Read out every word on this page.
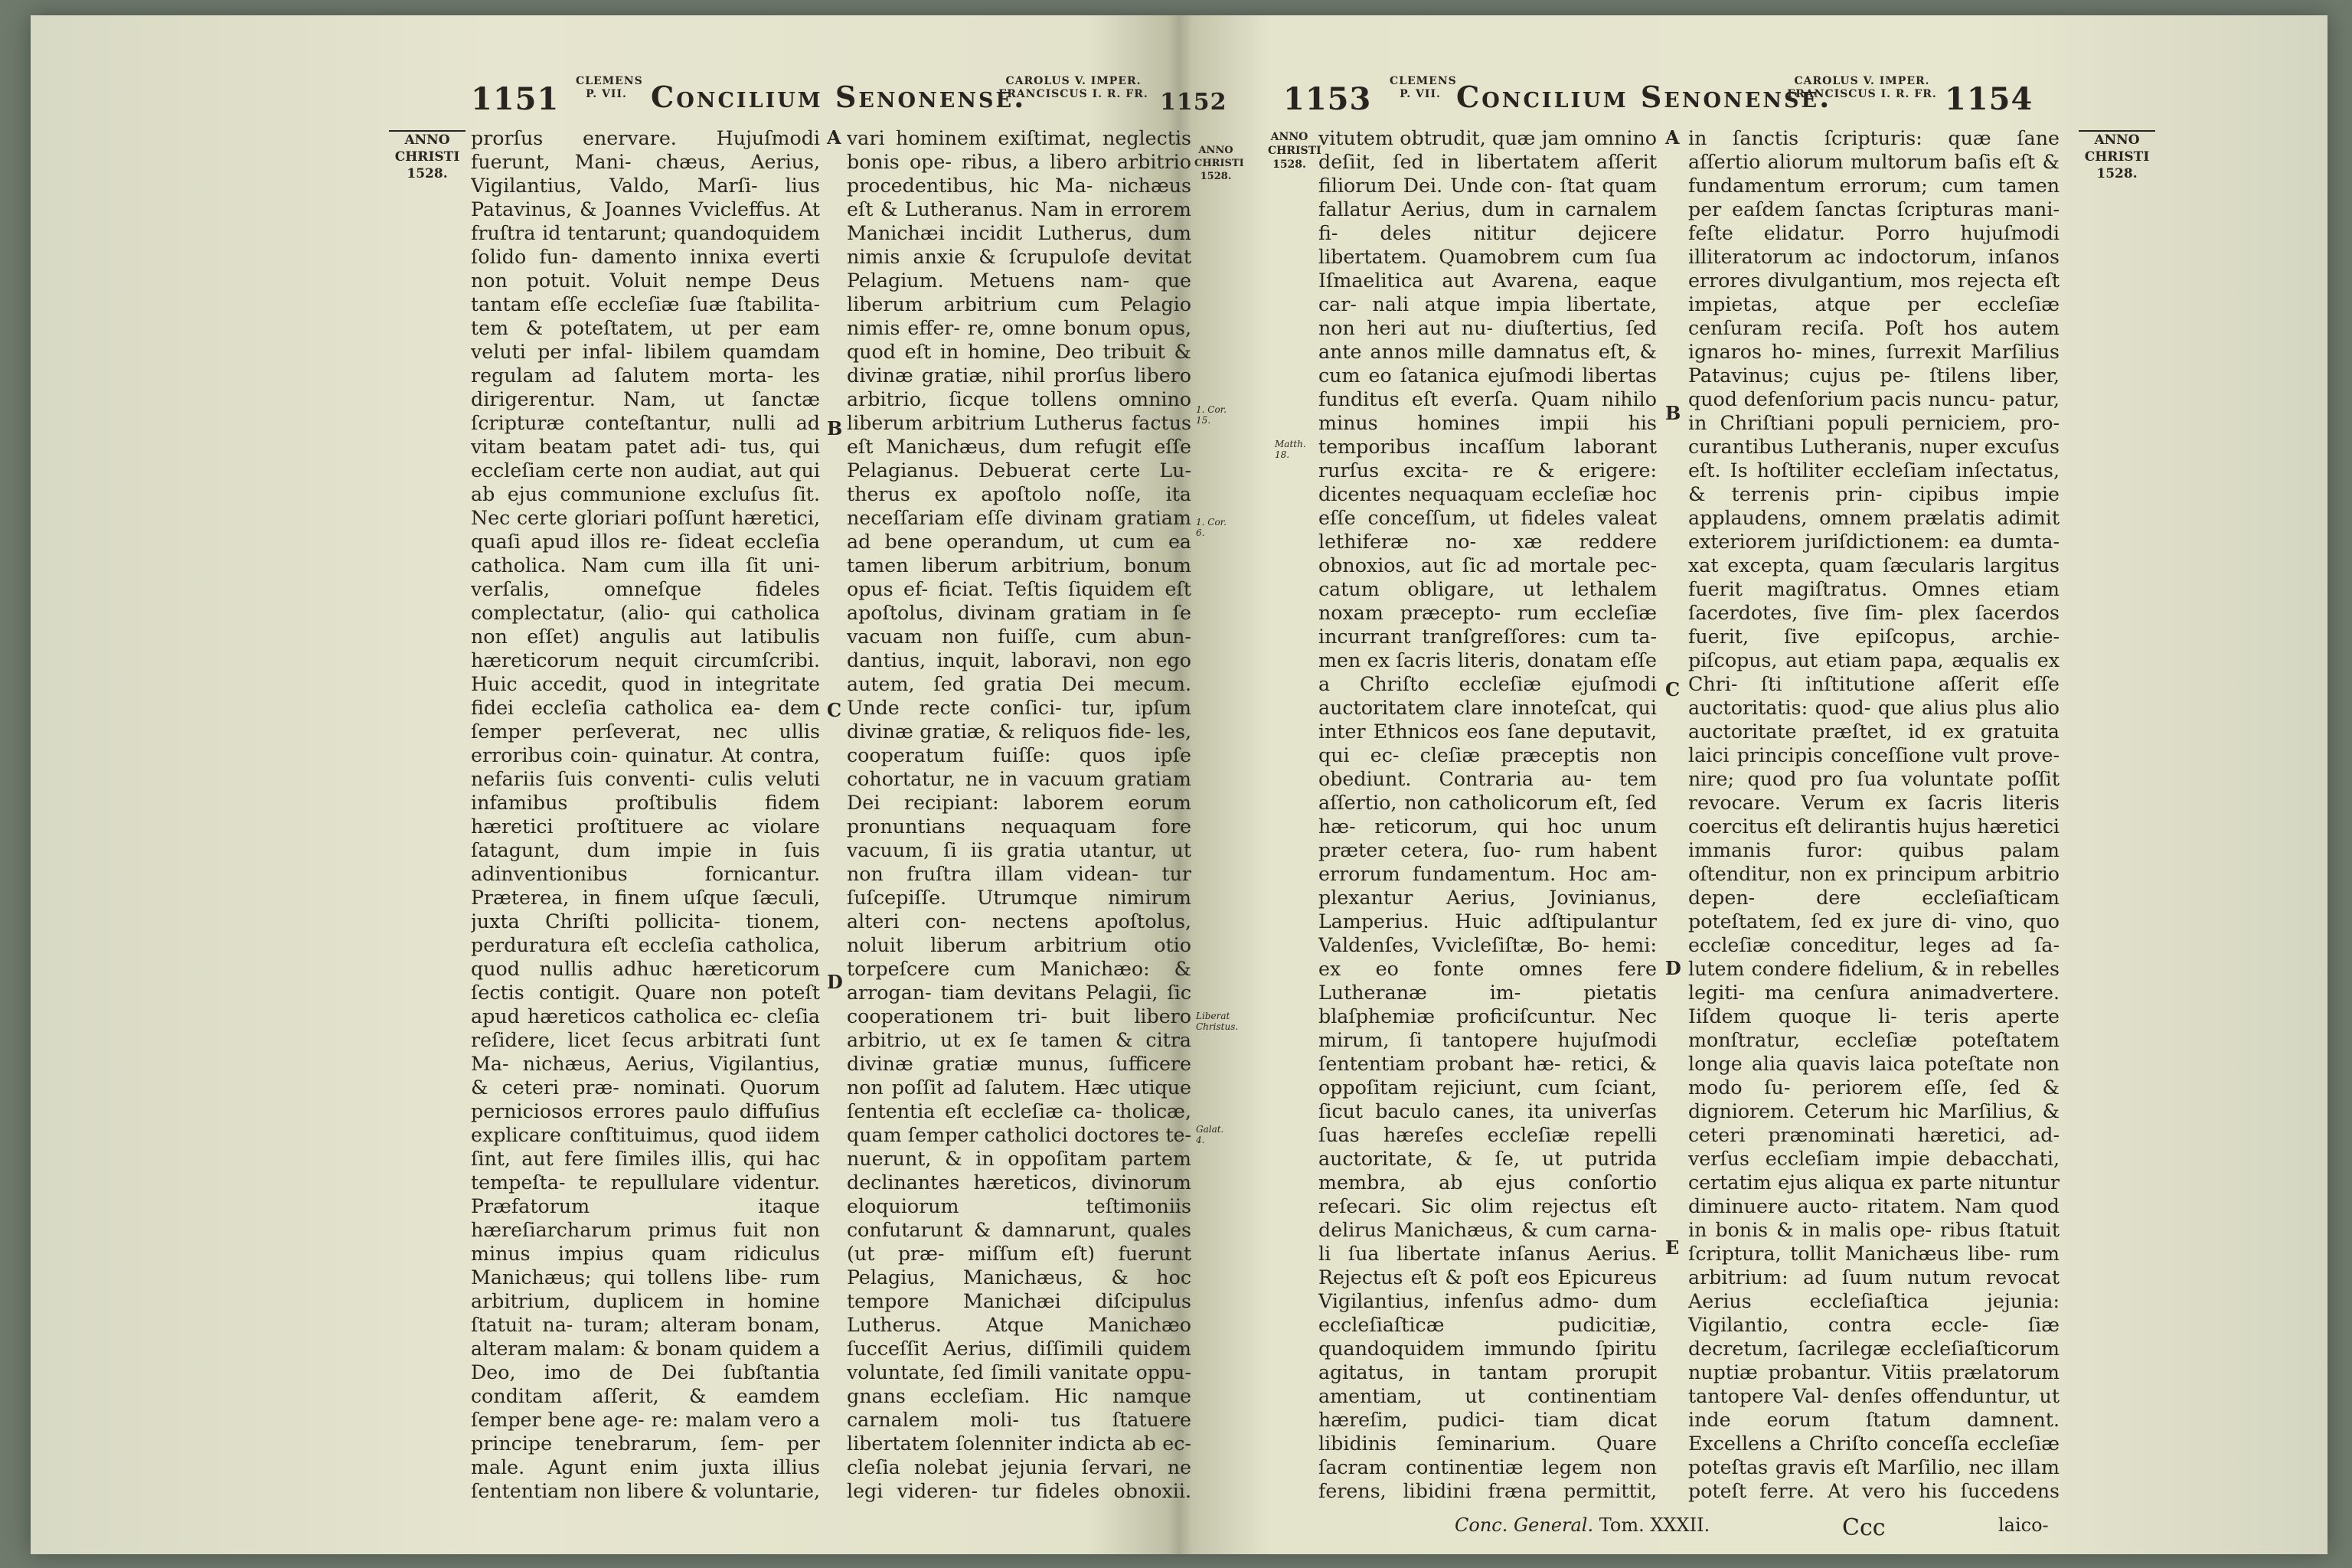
1151 CLEMENS
P. VII. Concilium Senonense.
CAROLUS V. IMPER.
FRANCISCUS I. R. FR. 1152
ANNO
CHRISTI
1528.
ANNO
CHRISTI
1528.
prorſus enervare. Hujuſmodi fuerunt, Mani- chæus, Aerius, Vigilantius, Valdo, Marſi- lius Patavinus, & Joannes Vvicleffus. At fruſtra id tentarunt; quandoquidem ſolido fun- damento innixa everti non potuit. Voluit nempe Deus tantam eſſe eccleſiæ ſuæ ſtabilita- tem & poteſtatem, ut per eam veluti per infal- libilem quamdam regulam ad ſalutem morta- les dirigerentur. Nam, ut ſanctæ ſcripturæ conteſtantur, nulli ad vitam beatam patet adi- tus, qui eccleſiam certe non audiat, aut qui ab ejus communione excluſus ſit. Nec certe gloriari poſſunt hæretici, quaſi apud illos re- ſideat eccleſia catholica. Nam cum illa ſit uni- verſalis, omneſque fideles complectatur, (alio- qui catholica non eſſet) angulis aut latibulis hæreticorum nequit circumſcribi. Huic accedit, quod in integritate fidei eccleſia catholica ea- dem ſemper perſeverat, nec ullis erroribus coin- quinatur. At contra, nefariis ſuis conventi- culis veluti infamibus proſtibulis fidem hæretici proſtituere ac violare ſatagunt, dum impie in ſuis adinventionibus fornicantur. Præterea, in finem uſque ſæculi, juxta Chriſti pollicita- tionem, perduratura eſt eccleſia catholica, quod nullis adhuc hæreticorum ſectis contigit. Quare non poteſt apud hæreticos catholica ec- cleſia reſidere, licet ſecus arbitrati ſunt Ma- nichæus, Aerius, Vigilantius, & ceteri præ- nominati. Quorum perniciosos errores paulo diffuſius explicare conſtituimus, quod iidem ſint, aut fere ſimiles illis, qui hac tempeſta- te repullulare videntur. Præfatorum itaque hæreſiarcharum primus fuit non minus impius quam ridiculus Manichæus; qui tollens libe- rum arbitrium, duplicem in homine ſtatuit na- turam; alteram bonam, alteram malam: & bonam quidem a Deo, imo de Dei ſubſtantia conditam aſſerit, & eamdem ſemper bene age- re: malam vero a principe tenebrarum, ſem- per male. Agunt enim juxta illius ſententiam non libere & voluntarie,
vari hominem exiſtimat, neglectis bonis ope- ribus, a libero arbitrio procedentibus, hic Ma- nichæus eſt & Lutheranus. Nam in errorem Manichæi incidit Lutherus, dum nimis anxie & ſcrupuloſe devitat Pelagium. Metuens nam- que liberum arbitrium cum Pelagio nimis effer- re, omne bonum opus, quod eſt in homine, Deo tribuit & divinæ gratiæ, nihil prorſus libero arbitrio, ſicque tollens omnino liberum arbitrium Lutherus factus eſt Manichæus, dum refugit eſſe Pelagianus. Debuerat certe Lu- therus ex apoſtolo noſſe, ita neceſſariam eſſe divinam gratiam ad bene operandum, ut cum ea tamen liberum arbitrium, bonum opus ef- ficiat. Teſtis ſiquidem eſt apoſtolus, divinam gratiam in ſe vacuam non fuiſſe, cum abun- dantius, inquit, laboravi, non ego autem, ſed gratia Dei mecum. Unde recte conſici- tur, ipſum divinæ gratiæ, & reliquos fide- les, cooperatum fuiſſe: quos ipſe cohortatur, ne in vacuum gratiam Dei recipiant: laborem eorum pronuntians nequaquam fore vacuum, ſi iis gratia utantur, ut non fruſtra illam videan- tur ſuſcepiſſe. Utrumque nimirum alteri con- nectens apoſtolus, noluit liberum arbitrium otio torpeſcere cum Manichæo: & arrogan- tiam devitans Pelagii, ſic cooperationem tri- buit libero arbitrio, ut ex ſe tamen & citra divinæ gratiæ munus, ſufficere non poſſit ad ſalutem. Hæc utique ſententia eſt eccleſiæ ca- tholicæ, quam ſemper catholici doctores te- nuerunt, & in oppoſitam partem declinantes hæreticos, divinorum eloquiorum teſtimoniis confutarunt & damnarunt, quales (ut præ- miſſum eſt) fuerunt Pelagius, Manichæus, & hoc tempore Manichæi diſcipulus Lutherus. Atque Manichæo ſucceſſit Aerius, diſſimili quidem voluntate, ſed ſimili vanitate oppu- gnans eccleſiam. Hic namque carnalem moli- tus ſtatuere libertatem ſolenniter indicta ab ec- cleſia nolebat jejunia ſervari, ne legi videren- tur fideles obnoxii.
A
B
C
D
1. Cor. 15.
1. Cor. 6.
Liberat Christus.
Galat. 4.
1153 CLEMENS
P. VII. Concilium Senonense.
CAROLUS V. IMPER.
FRANCISCUS I. R. FR. 1154
ANNO
CHRISTI
1528.
ANNO
CHRISTI
1528.
vitutem obtrudit, quæ jam omnino deſiit, ſed in libertatem aſſerit filiorum Dei. Unde con- ſtat quam fallatur Aerius, dum in carnalem fi- deles nititur dejicere libertatem. Quamobrem cum ſua Iſmaelitica aut Avarena, eaque car- nali atque impia libertate, non heri aut nu- diuſtertius, ſed ante annos mille damnatus eſt, & cum eo ſatanica ejuſmodi libertas funditus eſt everſa. Quam nihilo minus homines impii his temporibus incaſſum laborant rurſus excita- re & erigere: dicentes nequaquam eccleſiæ hoc eſſe conceſſum, ut fideles valeat lethiferæ no- xæ reddere obnoxios, aut ſic ad mortale pec- catum obligare, ut lethalem noxam præcepto- rum eccleſiæ incurrant tranſgreſſores: cum ta- men ex ſacris literis, donatam eſſe a Chriſto eccleſiæ ejuſmodi auctoritatem clare innoteſcat, qui inter Ethnicos eos ſane deputavit, qui ec- cleſiæ præceptis non obediunt. Contraria au- tem aſſertio, non catholicorum eſt, ſed hæ- reticorum, qui hoc unum præter cetera, ſuo- rum habent errorum fundamentum. Hoc am- plexantur Aerius, Jovinianus, Lamperius. Huic adſtipulantur Valdenſes, Vvicleſiſtæ, Bo- hemi: ex eo fonte omnes fere Lutheranæ im- pietatis blaſphemiæ proficiſcuntur. Nec mirum, ſi tantopere hujuſmodi ſententiam probant hæ- retici, & oppoſitam rejiciunt, cum ſciant, ſicut baculo canes, ita univerſas ſuas hæreſes eccleſiæ repelli auctoritate, & ſe, ut putrida membra, ab ejus conſortio reſecari. Sic olim rejectus eſt delirus Manichæus, & cum carna- li ſua libertate inſanus Aerius. Rejectus eſt & poſt eos Epicureus Vigilantius, infenſus admo- dum eccleſiaſticæ pudicitiæ, quandoquidem immundo ſpiritu agitatus, in tantam prorupit amentiam, ut continentiam hæreſim, pudici- tiam dicat libidinis ſeminarium. Quare ſacram continentiæ legem non ferens, libidini fræna permittit,
in ſanctis ſcripturis: quæ ſane aſſertio aliorum multorum baſis eſt & fundamentum errorum; cum tamen per eaſdem ſanctas ſcripturas mani- feſte elidatur. Porro hujuſmodi illiteratorum ac indoctorum, inſanos errores divulgantium, mos rejecta eſt impietas, atque per eccleſiæ cenſuram reciſa. Poſt hos autem ignaros ho- mines, ſurrexit Marſilius Patavinus; cujus pe- ſtilens liber, quod defenſorium pacis nuncu- patur, in Chriſtiani populi perniciem, pro- curantibus Lutheranis, nuper excuſus eſt. Is hoſtiliter eccleſiam inſectatus, & terrenis prin- cipibus impie applaudens, omnem prælatis adimit exteriorem juriſdictionem: ea dumta- xat excepta, quam ſæcularis largitus fuerit magiſtratus. Omnes etiam ſacerdotes, ſive ſim- plex ſacerdos fuerit, ſive epiſcopus, archie- piſcopus, aut etiam papa, æqualis ex Chri- ſti inſtitutione aſſerit eſſe auctoritatis: quod- que alius plus alio auctoritate præſtet, id ex gratuita laici principis conceſſione vult prove- nire; quod pro ſua voluntate poſſit revocare. Verum ex ſacris literis coercitus eſt delirantis hujus hæretici immanis furor: quibus palam oſtenditur, non ex principum arbitrio depen- dere eccleſiaſticam poteſtatem, ſed ex jure di- vino, quo eccleſiæ conceditur, leges ad ſa- lutem condere fidelium, & in rebelles legiti- ma cenſura animadvertere. Iiſdem quoque li- teris aperte monſtratur, eccleſiæ poteſtatem longe alia quavis laica poteſtate non modo ſu- periorem eſſe, ſed & digniorem. Ceterum hic Marſilius, & ceteri prænominati hæretici, ad- verſus eccleſiam impie debacchati, certatim ejus aliqua ex parte nituntur diminuere aucto- ritatem. Nam quod in bonis & in malis ope- ribus ſtatuit ſcriptura, tollit Manichæus libe- rum arbitrium: ad ſuum nutum revocat Aerius eccleſiaſtica jejunia: Vigilantio, contra eccle- ſiæ decretum, ſacrilegæ eccleſiaſticorum nuptiæ probantur. Vitiis prælatorum tantopere Val- denſes offenduntur, ut inde eorum ſtatum damnent. Excellens a Chriſto conceſſa eccleſiæ poteſtas gravis eſt Marſilio, nec illam poteſt ferre. At vero his ſuccedens
A
B
C
D
E
Matth. 18.
Conc. General. Tom. XXXII.	Ccc	laico-
